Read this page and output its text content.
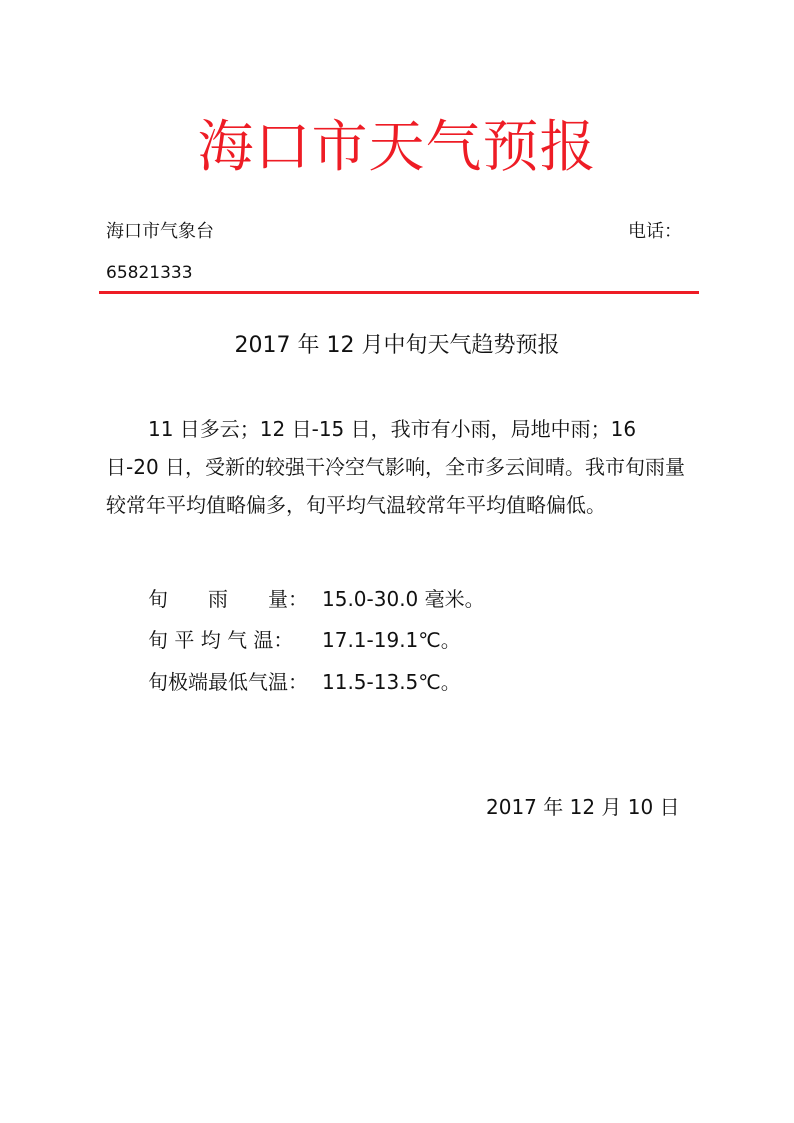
海口市天气预报
海口市气象台	电话：
65821333
2017 年 12 月中旬天气趋势预报

11 日多云；12 日-15 日，我市有小雨，局地中雨；16 日-20 日，受新的较强干冷空气影响，全市多云间晴。我市旬雨量较常年平均值略偏多，旬平均气温较常年平均值略偏低。

旬　　雨　　量： 15.0-30.0 毫米。
旬 平 均 气 温： 17.1-19.1℃。
旬极端最低气温： 11.5-13.5℃。
2017 年 12 月 10 日
